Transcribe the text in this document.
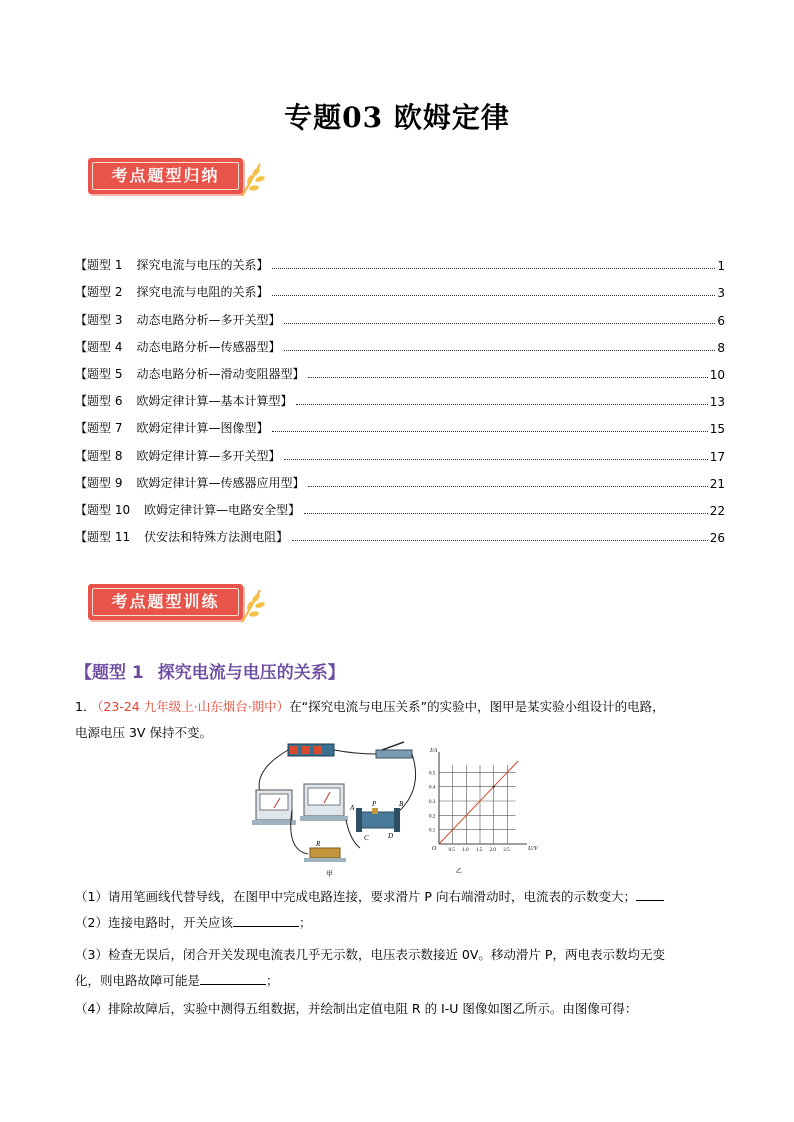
专题03 欧姆定律
考点题型归纳
【题型 1 探究电流与电压的关系】	1
【题型 2 探究电流与电阻的关系】	3
【题型 3 动态电路分析—多开关型】	6
【题型 4 动态电路分析—传感器型】	8
【题型 5 动态电路分析—滑动变阻器型】	10
【题型 6 欧姆定律计算—基本计算型】	13
【题型 7 欧姆定律计算—图像型】	15
【题型 8 欧姆定律计算—多开关型】	17
【题型 9 欧姆定律计算—传感器应用型】	21
【题型 10 欧姆定律计算—电路安全型】	22
【题型 11 伏安法和特殊方法测电阻】	26
考点题型训练
【题型 1 探究电流与电压的关系】
1. （23-24 九年级上·山东烟台·期中）在“探究电流与电压关系”的实验中，图甲是某实验小组设计的电路，
电源电压 3V 保持不变。
A	P	B
C	D
R
甲
0.5
0.4
0.3
0.2
0.1
2.5
2.0
1.5
1.0
0.5
乙
I/A
U/V
O
（1）请用笔画线代替导线，在图甲中完成电路连接，要求滑片 P 向右端滑动时，电流表的示数变大；
（2）连接电路时，开关应该	；
（3）检查无误后，闭合开关发现电流表几乎无示数，电压表示数接近 0V。移动滑片 P，两电表示数均无变
化，则电路故障可能是	；
（4）排除故障后，实验中测得五组数据，并绘制出定值电阻 R 的 I-U 图像如图乙所示。由图像可得：
